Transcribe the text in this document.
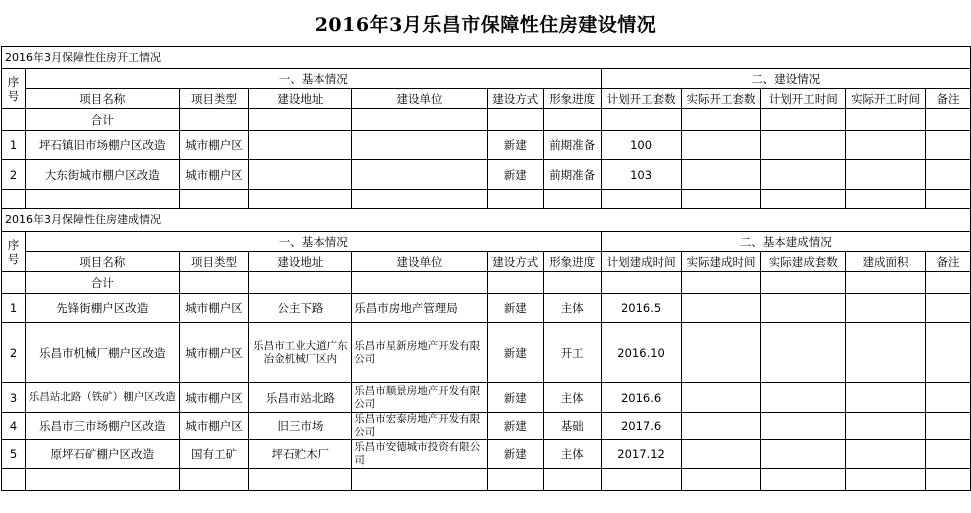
2016年3月乐昌市保障性住房建设情况
2016年3月保障性住房开工情况											
序号	一、基本情况						二、建设情况				
	项目名称	项目类型	建设地址	建设单位	建设方式	形象进度	计划开工套数	实际开工套数	计划开工时间	实际开工时间	备注
	合计										
1	坪石镇旧市场棚户区改造	城市棚户区			新建	前期准备	100				
2	大东街城市棚户区改造	城市棚户区			新建	前期准备	103				

2016年3月保障性住房建成情况											
序号	一、基本情况						二、基本建成情况				
	项目名称	项目类型	建设地址	建设单位	建设方式	形象进度	计划建成时间	实际建成时间	实际建成套数	建成面积	备注
	合计										
1	先锋街棚户区改造	城市棚户区	公主下路	乐昌市房地产管理局	新建	主体	2016.5				
2	乐昌市机械厂棚户区改造	城市棚户区	乐昌市工业大道广东冶金机械厂区内	乐昌市星新房地产开发有限公司	新建	开工	2016.10				
3	乐昌站北路（铁矿）棚户区改造	城市棚户区	乐昌市站北路	乐昌市顺景房地产开发有限公司	新建	主体	2016.6				
4	乐昌市三市场棚户区改造	城市棚户区	旧三市场	乐昌市宏泰房地产开发有限公司	新建	基础	2017.6				
5	原坪石矿棚户区改造	国有工矿	坪石贮木厂	乐昌市安德城市投资有限公司	新建	主体	2017.12				
